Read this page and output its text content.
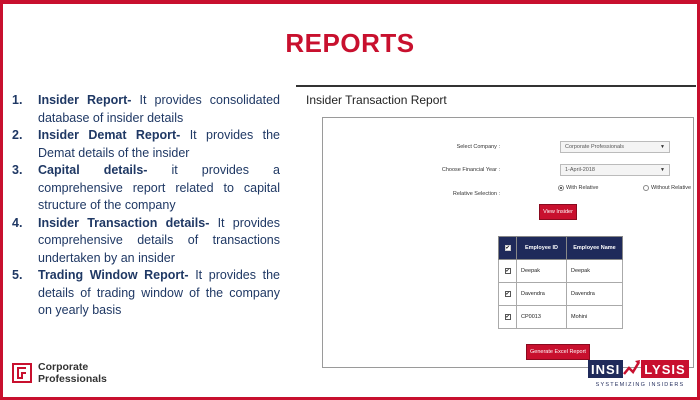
REPORTS
1.	Insider Report- It provides consolidated database of insider details
2.	Insider Demat Report- It provides the Demat details of the insider
3.	Capital details- it provides a comprehensive report related to capital structure of the company
4.	Insider Transaction details- It provides comprehensive details of transactions undertaken by an insider
5.	Trading Window Report- It provides the details of trading window of the company on yearly basis
Insider Transaction Report
Select Company :	Corporate Professionals	▼
Choose Financial Year :	1-April-2018	▼
Relative Selection :
With Relative	Without Relative
View Insider
✔	Employee ID	Employee Name
✔	Deepak	Deepak
✔	Davendra	Davendra
✔	CP0013	Mohini
Generate Excel Report
Corporate
Professionals
INSI LYSIS
SYSTEMIZING INSIDERS
